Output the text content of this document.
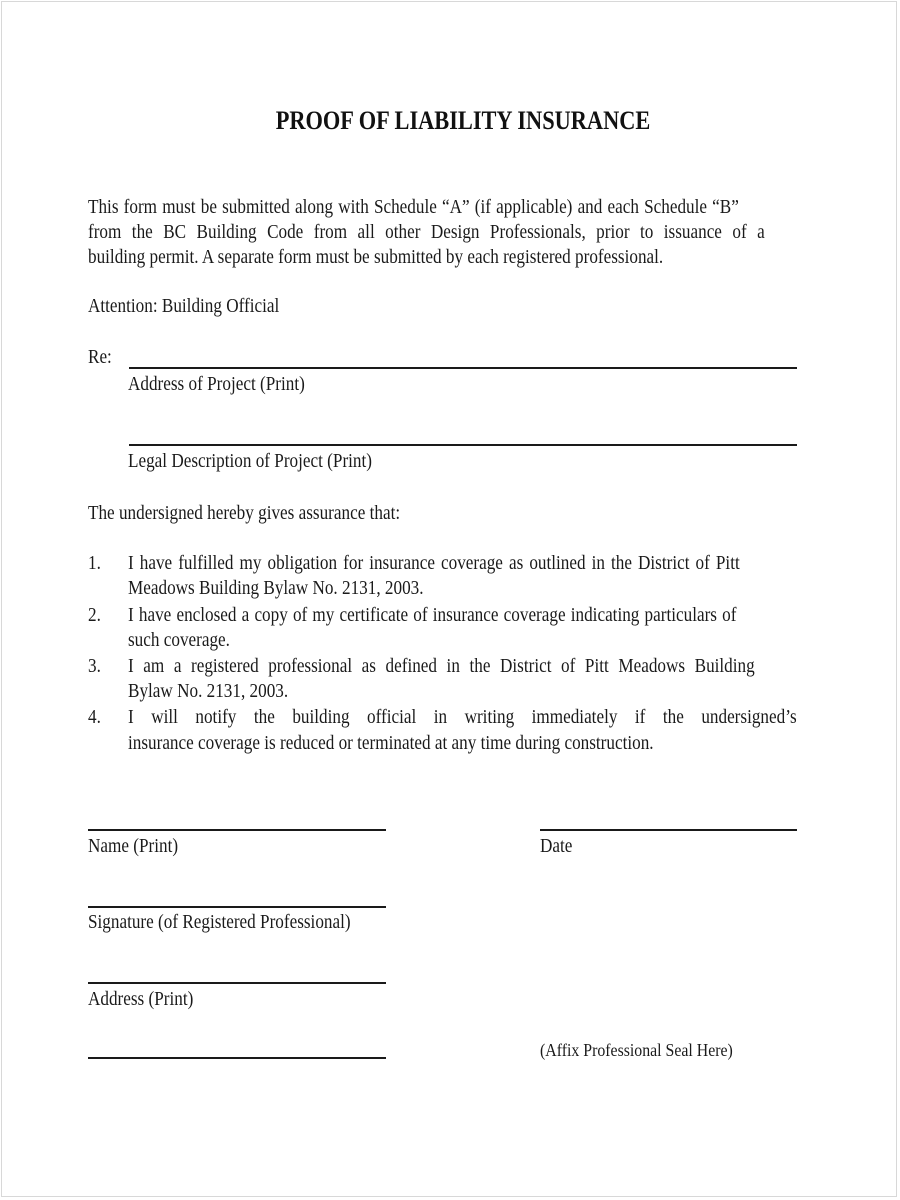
PROOF OF LIABILITY INSURANCE
This form must be submitted along with Schedule “A” (if applicable) and each Schedule “B”
from the BC Building Code from all other Design Professionals, prior to issuance of a
building permit. A separate form must be submitted by each registered professional.
Attention: Building Official
Re:
Address of Project (Print)
Legal Description of Project (Print)
The undersigned hereby gives assurance that:
1. I have fulfilled my obligation for insurance coverage as outlined in the District of Pitt
Meadows Building Bylaw No. 2131, 2003.
2. I have enclosed a copy of my certificate of insurance coverage indicating particulars of
such coverage.
3. I am a registered professional as defined in the District of Pitt Meadows Building
Bylaw No. 2131, 2003.
4. I will notify the building official in writing immediately if the undersigned’s
insurance coverage is reduced or terminated at any time during construction.
Name (Print)	Date
Signature (of Registered Professional)
Address (Print)
(Affix Professional Seal Here)
